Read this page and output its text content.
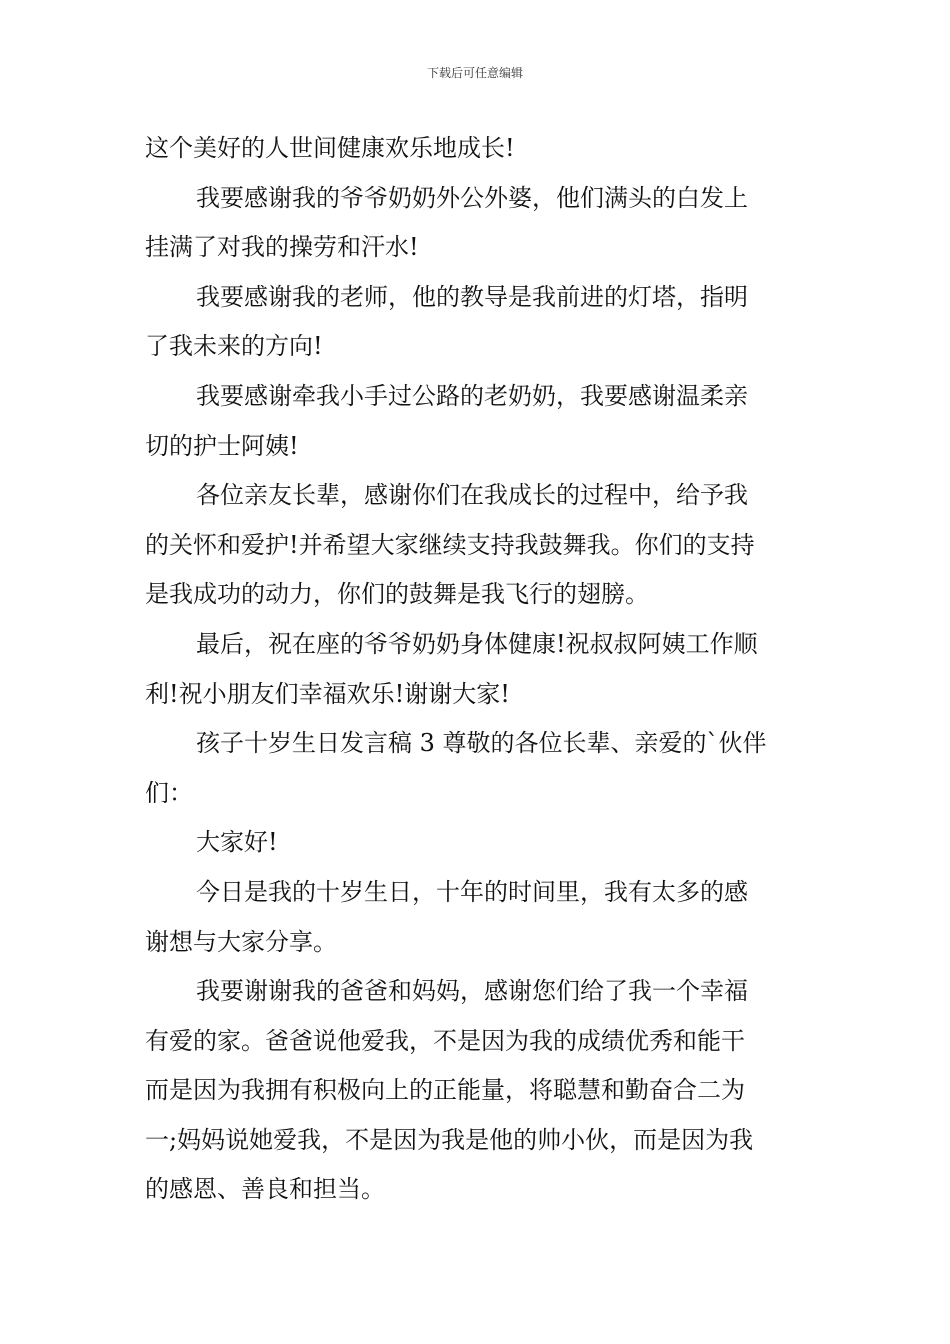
下载后可任意编辑
这个美好的人世间健康欢乐地成长!
我要感谢我的爷爷奶奶外公外婆，他们满头的白发上
挂满了对我的操劳和汗水!
我要感谢我的老师，他的教导是我前进的灯塔，指明
了我未来的方向!
我要感谢牵我小手过公路的老奶奶，我要感谢温柔亲
切的护士阿姨!
各位亲友长辈，感谢你们在我成长的过程中，给予我
的关怀和爱护!并希望大家继续支持我鼓舞我。你们的支持
是我成功的动力，你们的鼓舞是我飞行的翅膀。
最后，祝在座的爷爷奶奶身体健康!祝叔叔阿姨工作顺
利!祝小朋友们幸福欢乐!谢谢大家!
孩子十岁生日发言稿 3 尊敬的各位长辈、亲爱的`伙伴
们：
大家好!
今日是我的十岁生日，十年的时间里，我有太多的感
谢想与大家分享。
我要谢谢我的爸爸和妈妈，感谢您们给了我一个幸福
有爱的家。爸爸说他爱我，不是因为我的成绩优秀和能干
而是因为我拥有积极向上的正能量，将聪慧和勤奋合二为
一;妈妈说她爱我，不是因为我是他的帅小伙，而是因为我
的感恩、善良和担当。
